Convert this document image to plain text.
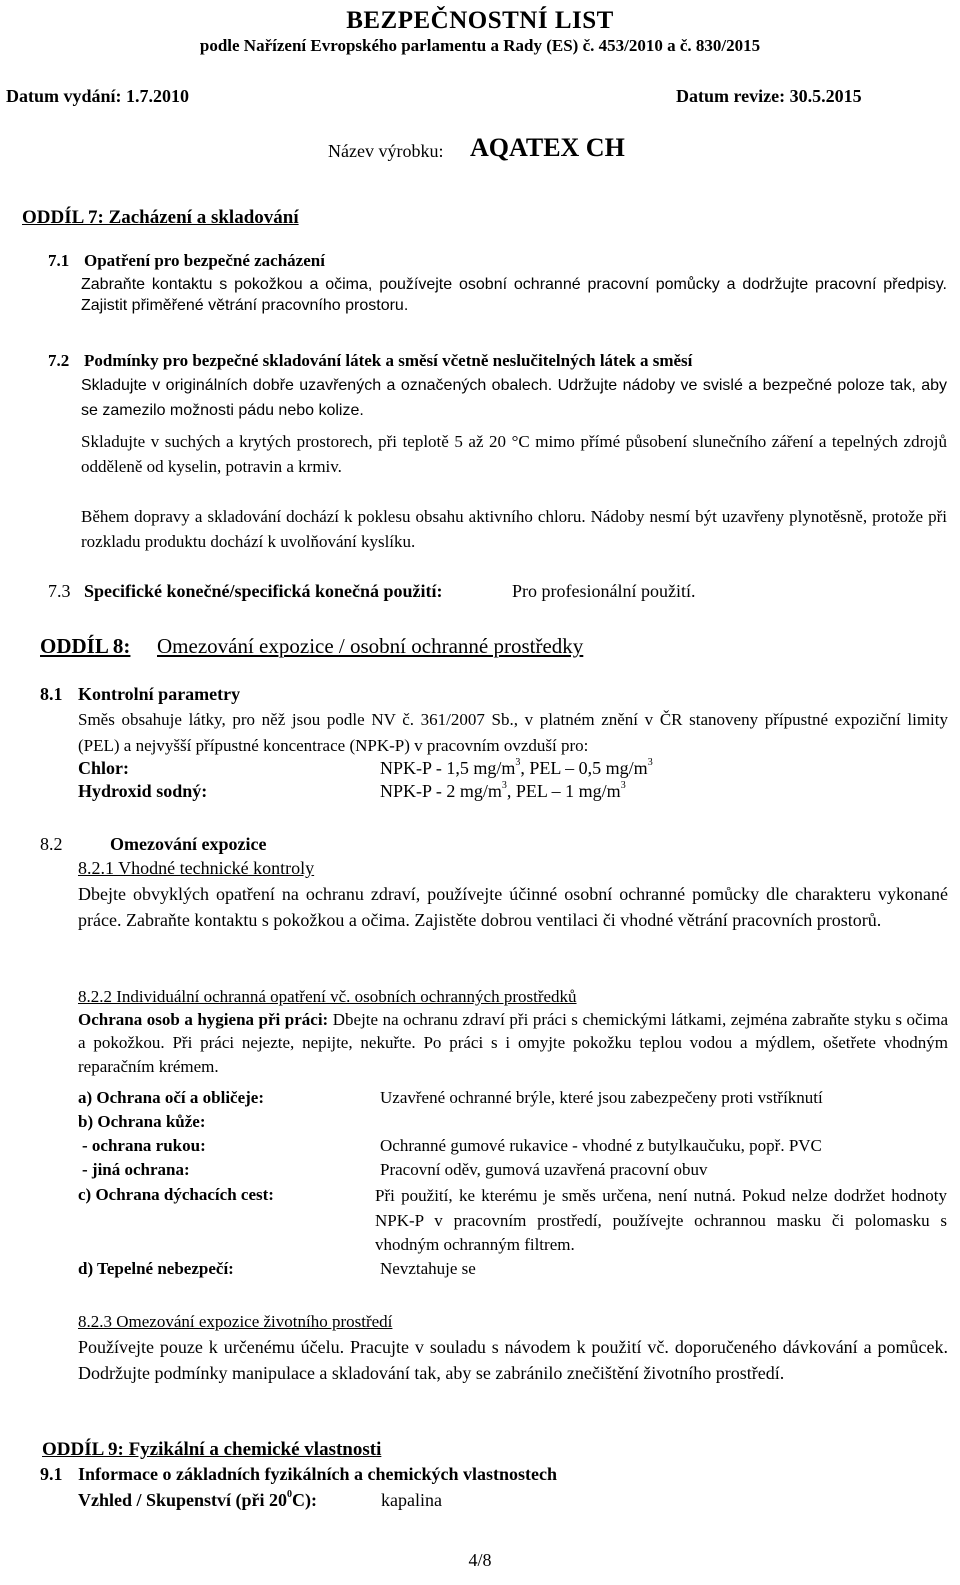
BEZPEČNOSTNÍ LIST
podle Nařízení Evropského parlamentu a Rady (ES) č. 453/2010 a č. 830/2015
Datum vydání: 1.7.2010	Datum revize: 30.5.2015
Název výrobku: AQATEX CH
ODDÍL 7: Zacházení a skladování
7.1 Opatření pro bezpečné zacházení
Zabraňte kontaktu s pokožkou a očima, používejte osobní ochranné pracovní pomůcky a dodržujte pracovní předpisy. Zajistit přiměřené větrání pracovního prostoru.
7.2 Podmínky pro bezpečné skladování látek a směsí včetně neslučitelných látek a směsí
Skladujte v originálních dobře uzavřených a označených obalech. Udržujte nádoby ve svislé a bezpečné poloze tak, aby se zamezilo možnosti pádu nebo kolize.
Skladujte v suchých a krytých prostorech, při teplotě 5 až 20 °C mimo přímé působení slunečního záření a tepelných zdrojů odděleně od kyselin, potravin a krmiv.
Během dopravy a skladování dochází k poklesu obsahu aktivního chloru. Nádoby nesmí být uzavřeny plynotěsně, protože při rozkladu produktu dochází k uvolňování kyslíku.
7.3 Specifické konečné/specifická konečná použití:	Pro profesionální použití.
ODDÍL 8: Omezování expozice / osobní ochranné prostředky
8.1 Kontrolní parametry
Směs obsahuje látky, pro něž jsou podle NV č. 361/2007 Sb., v platném znění v ČR stanoveny přípustné expoziční limity (PEL) a nejvyšší přípustné koncentrace (NPK-P) v pracovním ovzduší pro:
Chlor:	NPK-P - 1,5 $mg/m^3$, PEL – 0,5 $mg/m^3$
Hydroxid sodný:	NPK-P - 2 $mg/m^3$, PEL – 1 $mg/m^3$
8.2	Omezování expozice
8.2.1 Vhodné technické kontroly
Dbejte obvyklých opatření na ochranu zdraví, používejte účinné osobní ochranné pomůcky dle charakteru vykonané práce. Zabraňte kontaktu s pokožkou a očima. Zajistěte dobrou ventilaci či vhodné větrání pracovních prostorů.
8.2.2 Individuální ochranná opatření vč. osobních ochranných prostředků
Ochrana osob a hygiena při práci: Dbejte na ochranu zdraví při práci s chemickými látkami, zejména zabraňte styku s očima a pokožkou. Při práci nejezte, nepijte, nekuřte. Po práci s i omyjte pokožku teplou vodou a mýdlem, ošetřete vhodným reparačním krémem.
a) Ochrana očí a obličeje:	Uzavřené ochranné brýle, které jsou zabezpečeny proti vstříknutí
b) Ochrana kůže:
- ochrana rukou:	Ochranné gumové rukavice - vhodné z butylkaučuku, popř. PVC
- jiná ochrana:	Pracovní oděv, gumová uzavřená pracovní obuv
c) Ochrana dýchacích cest:	Při použití, ke kterému je směs určena, není nutná. Pokud nelze dodržet hodnoty NPK-P v pracovním prostředí, používejte ochrannou masku či polomasku s vhodným ochranným filtrem.
d) Tepelné nebezpečí:	Nevztahuje se
8.2.3 Omezování expozice životního prostředí
Používejte pouze k určenému účelu. Pracujte v souladu s návodem k použití vč. doporučeného dávkování a pomůcek. Dodržujte podmínky manipulace a skladování tak, aby se zabránilo znečištění životního prostředí.
ODDÍL 9: Fyzikální a chemické vlastnosti
9.1 Informace o základních fyzikálních a chemických vlastnostech
Vzhled / Skupenství (při $20^0C$):	kapalina
4/8
